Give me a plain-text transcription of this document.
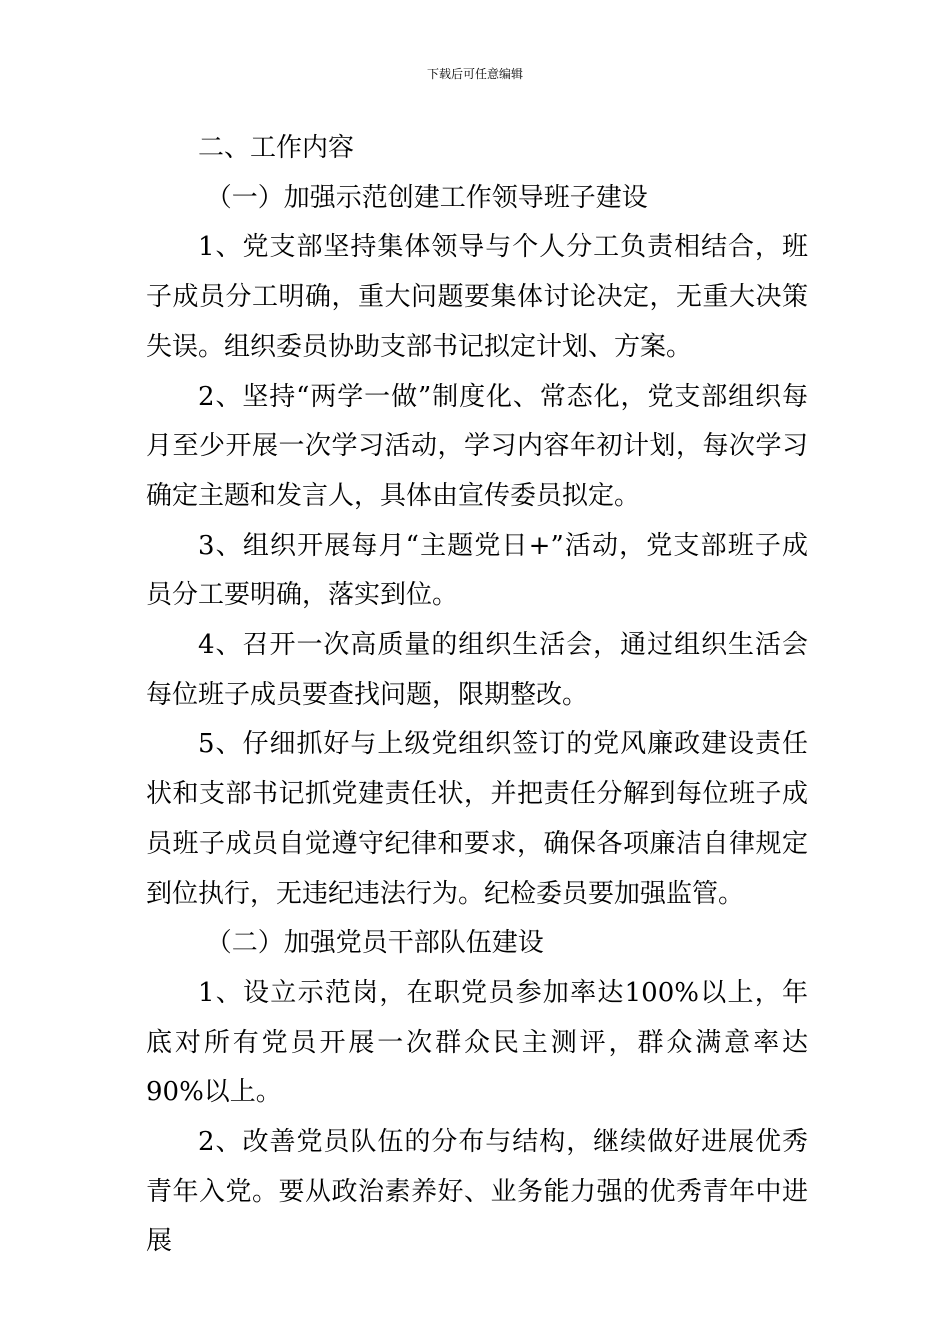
下载后可任意编辑

二、工作内容

（一）加强示范创建工作领导班子建设

1、党支部坚持集体领导与个人分工负责相结合，班子成员分工明确，重大问题要集体讨论决定，无重大决策失误。组织委员协助支部书记拟定计划、方案。

2、坚持“两学一做”制度化、常态化，党支部组织每月至少开展一次学习活动，学习内容年初计划，每次学习确定主题和发言人，具体由宣传委员拟定。

3、组织开展每月“主题党日+”活动，党支部班子成员分工要明确，落实到位。

4、召开一次高质量的组织生活会，通过组织生活会每位班子成员要查找问题，限期整改。

5、仔细抓好与上级党组织签订的党风廉政建设责任状和支部书记抓党建责任状，并把责任分解到每位班子成员班子成员自觉遵守纪律和要求，确保各项廉洁自律规定到位执行，无违纪违法行为。纪检委员要加强监管。

（二）加强党员干部队伍建设

1、设立示范岗，在职党员参加率达100%以上，年底对所有党员开展一次群众民主测评，群众满意率达 90%以上。

2、改善党员队伍的分布与结构，继续做好进展优秀青年入党。要从政治素养好、业务能力强的优秀青年中进展
